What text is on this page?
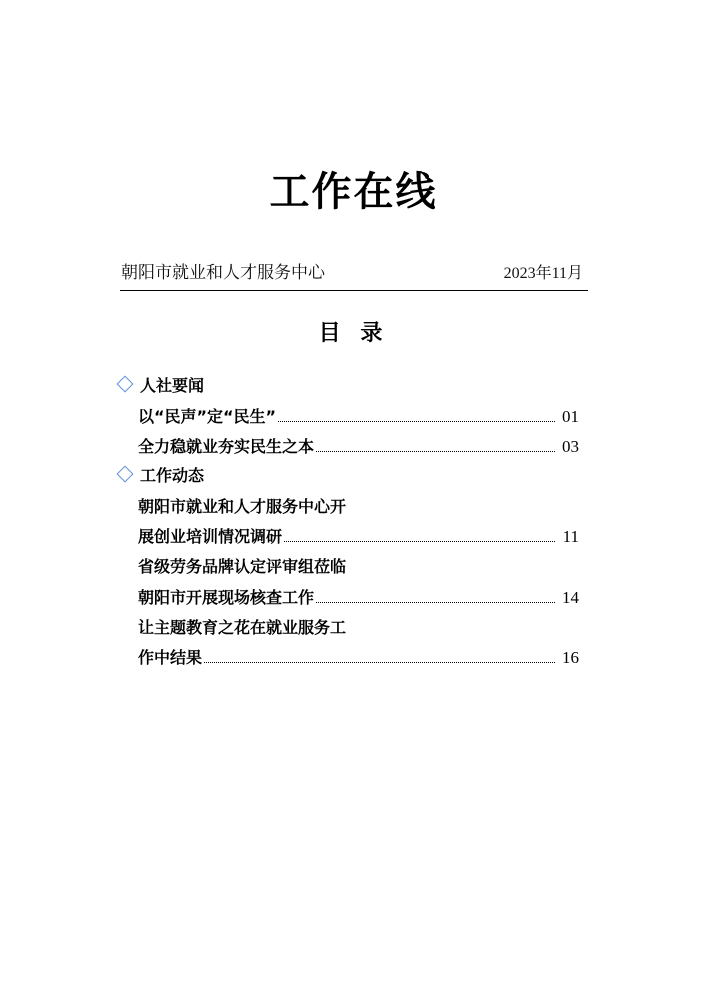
工作在线
朝阳市就业和人才服务中心	2023年11月
目 录
人社要闻
以“民声”定“民生”	01
全力稳就业夯实民生之本	03
工作动态
朝阳市就业和人才服务中心开
展创业培训情况调研	11
省级劳务品牌认定评审组莅临
朝阳市开展现场核查工作	14
让主题教育之花在就业服务工
作中结果	16
